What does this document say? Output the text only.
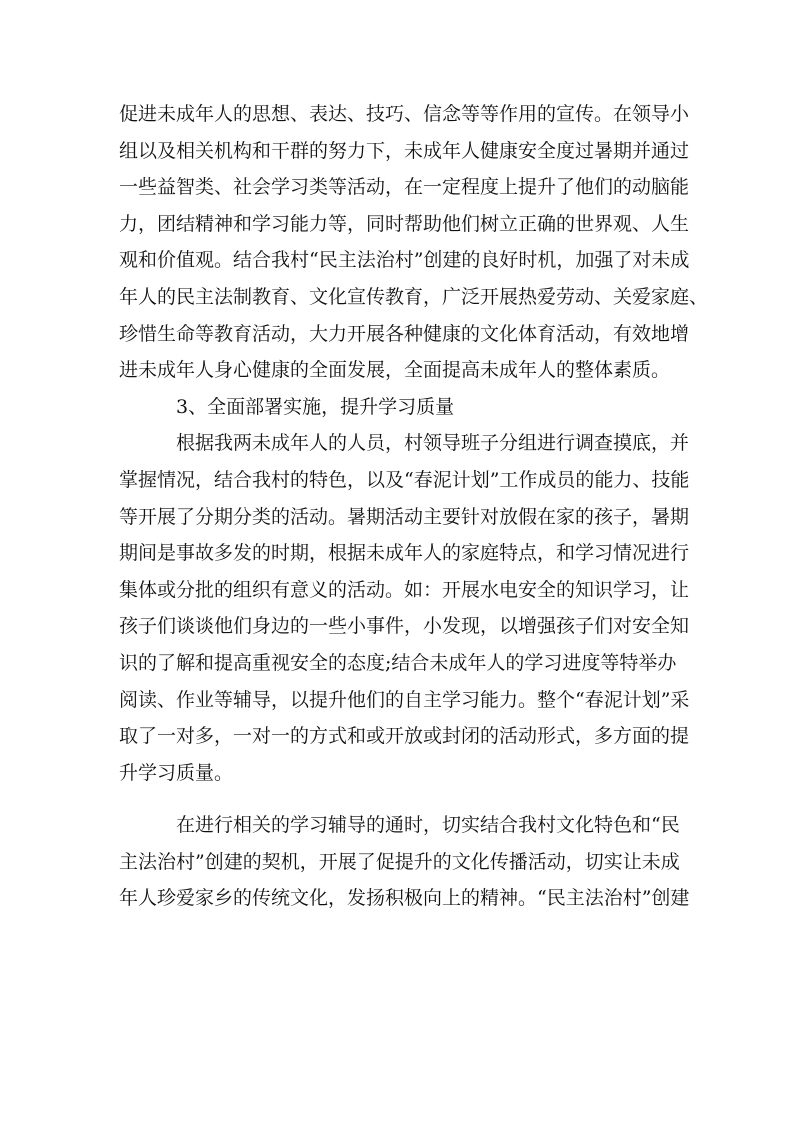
促进未成年人的思想、表达、技巧、信念等等作用的宣传。在领导小
组以及相关机构和干群的努力下，未成年人健康安全度过暑期并通过
一些益智类、社会学习类等活动，在一定程度上提升了他们的动脑能
力，团结精神和学习能力等，同时帮助他们树立正确的世界观、人生
观和价值观。结合我村“民主法治村”创建的良好时机，加强了对未成
年人的民主法制教育、文化宣传教育，广泛开展热爱劳动、关爱家庭、
珍惜生命等教育活动，大力开展各种健康的文化体育活动，有效地增
进未成年人身心健康的全面发展，全面提高未成年人的整体素质。
3、全面部署实施，提升学习质量
根据我两未成年人的人员，村领导班子分组进行调查摸底，并
掌握情况，结合我村的特色，以及“春泥计划”工作成员的能力、技能
等开展了分期分类的活动。暑期活动主要针对放假在家的孩子，暑期
期间是事故多发的时期，根据未成年人的家庭特点，和学习情况进行
集体或分批的组织有意义的活动。如：开展水电安全的知识学习，让
孩子们谈谈他们身边的一些小事件，小发现，以增强孩子们对安全知
识的了解和提高重视安全的态度;结合未成年人的学习进度等特举办
阅读、作业等辅导，以提升他们的自主学习能力。整个“春泥计划”采
取了一对多，一对一的方式和或开放或封闭的活动形式，多方面的提
升学习质量。
在进行相关的学习辅导的通时，切实结合我村文化特色和“民
主法治村”创建的契机，开展了促提升的文化传播活动，切实让未成
年人珍爱家乡的传统文化，发扬积极向上的精神。“民主法治村”创建
